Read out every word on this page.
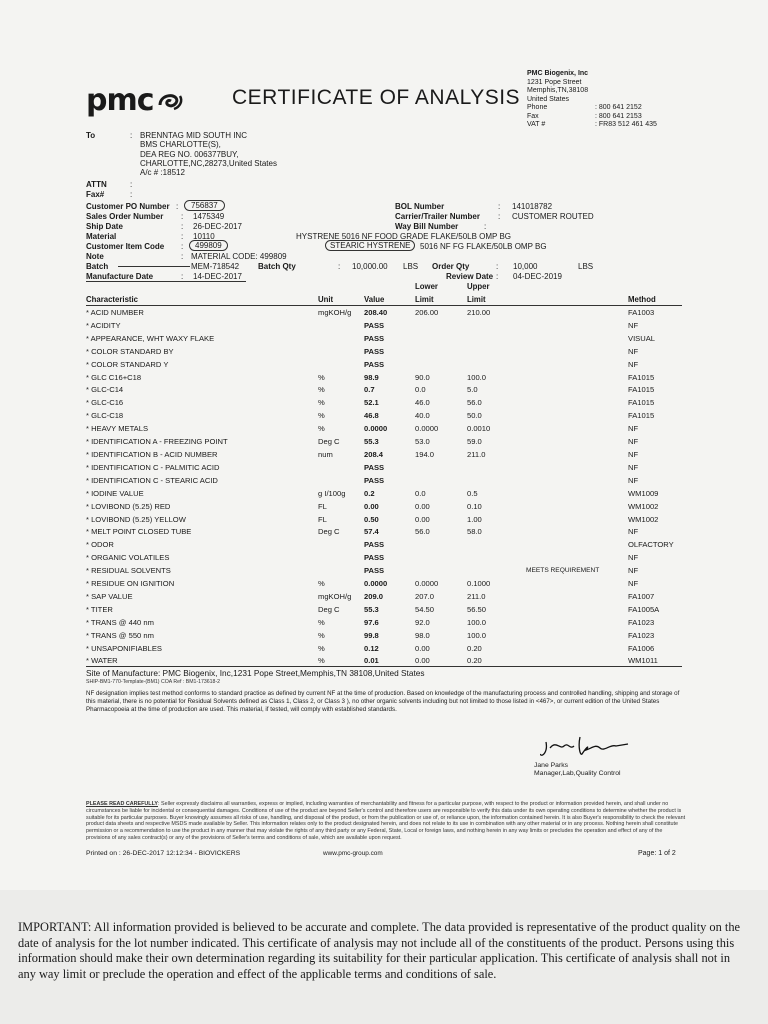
pmc	CERTIFICATE OF ANALYSIS
PMC Biogenix, Inc
1231 Pope Street
Memphis,TN,38108
United States
Phone	: 800 641 2152
Fax	: 800 641 2153
VAT #	: FR83 512 461 435
To	: BRENNTAG MID SOUTH INC
BMS CHARLOTTE(S),
DEA REG NO. 006377BUY,
CHARLOTTE,NC,28273,United States
A/c # :18512
ATTN	:
Fax#	:
Customer PO Number :	756837
Sales Order Number : 1475349
Ship Date	: 26-DEC-2017
Material	: 10110	HYSTRENE 5016 NF FOOD GRADE FLAKE/50LB OMP BG
Customer Item Code :	499809	STEARIC HYSTRENE	5016 NF FG FLAKE/50LB OMP BG
Note	: MATERIAL CODE: 499809
Batch	MEM-718542 Batch Qty	: 10,000.00 LBS Order Qty	: 10,000	LBS
Manufacture Date	: 14-DEC-2017	Review Date : 04-DEC-2019
BOL Number	: 141018782
Carrier/Trailer Number : CUSTOMER ROUTED
Way Bill Number	:
Lower	Upper
Characteristic	Unit	Value	Limit	Limit	Method
* ACID NUMBER	mgKOH/g	208.40	206.00	210.00		FA1003
* ACIDITY		PASS				NF
* APPEARANCE, WHT WAXY FLAKE		PASS				VISUAL
* COLOR STANDARD BY		PASS				NF
* COLOR STANDARD Y		PASS				NF
* GLC C16+C18	%	98.9	90.0	100.0		FA1015
* GLC-C14	%	0.7	0.0	5.0		FA1015
* GLC-C16	%	52.1	46.0	56.0		FA1015
* GLC-C18	%	46.8	40.0	50.0		FA1015
* HEAVY METALS	%	0.0000	0.0000	0.0010		NF
* IDENTIFICATION A - FREEZING POINT	Deg C	55.3	53.0	59.0		NF
* IDENTIFICATION B - ACID NUMBER	num	208.4	194.0	211.0		NF
* IDENTIFICATION C - PALMITIC ACID		PASS				NF
* IDENTIFICATION C - STEARIC ACID		PASS				NF
* IODINE VALUE	g I/100g	0.2	0.0	0.5		WM1009
* LOVIBOND (5.25) RED	FL	0.00	0.00	0.10		WM1002
* LOVIBOND (5.25) YELLOW	FL	0.50	0.00	1.00		WM1002
* MELT POINT CLOSED TUBE	Deg C	57.4	56.0	58.0		NF
* ODOR		PASS				OLFACTORY
* ORGANIC VOLATILES		PASS				NF
* RESIDUAL SOLVENTS		PASS			MEETS REQUIREMENT	NF
* RESIDUE ON IGNITION	%	0.0000	0.0000	0.1000		NF
* SAP VALUE	mgKOH/g	209.0	207.0	211.0		FA1007
* TITER	Deg C	55.3	54.50	56.50		FA1005A
* TRANS @ 440 nm	%	97.6	92.0	100.0		FA1023
* TRANS @ 550 nm	%	99.8	98.0	100.0		FA1023
* UNSAPONIFIABLES	%	0.12	0.00	0.20		FA1006
* WATER	%	0.01	0.00	0.20		WM1011
Site of Manufacture: PMC Biogenix, Inc,1231 Pope Street,Memphis,TN 38108,United States
SHIP-BM1-770-Template-(BM1) COA Ref : BM1-173618-2
NF designation implies test method conforms to standard practice as defined by current NF at the time of production. Based on knowledge of the manufacturing process and controlled handling, shipping and storage of this material, there is no potential for Residual Solvents defined as Class 1, Class 2, or Class 3 ), no other organic solvents including but not limited to those listed in <467>, or current edition of the United States Pharmacopoeia at the time of production are used. This material, if tested, will comply with established standards.
Jane Parks
Manager,Lab,Quality Control
PLEASE READ CAREFULLY: Seller expressly disclaims all warranties, express or implied, including warranties of merchantability and fitness for a particular purpose, with respect to the product or information provided herein, and shall under no circumstances be liable for incidental or consequential damages. Conditions of use of the product are beyond Seller's control and therefore users are responsible to verify this data under its own operating conditions to determine whether the product is suitable for its particular purposes. Buyer knowingly assumes all risks of use, handling, and disposal of the product, or from the publication or use of, or reliance upon, the information contained herein. It is also Buyer's responsibility to check the relevant product data sheets and respective MSDS made available by Seller. This information relates only to the product designated herein, and does not relate to its use in combination with any other material or in any process. Nothing herein shall constitute permission or a recommendation to use the product in any manner that may violate the rights of any third party or any Federal, State, Local or foreign laws, and nothing herein in any way limits or precludes the operation and effect of any of the provisions of any sales contract(s) or any of the provisions of Seller's terms and conditions of sale, which are available upon request.
Printed on : 26-DEC-2017 12:12:34 - BIOVICKERS	www.pmc-group.com	Page: 1 of 2
IMPORTANT: All information provided is believed to be accurate and complete. The data provided is representative of the product quality on the date of analysis for the lot number indicated. This certificate of analysis may not include all of the constituents of the product. Persons using this information should make their own determination regarding its suitability for their particular application. This certificate of analysis shall not in any way limit or preclude the operation and effect of the applicable terms and conditions of sale.
